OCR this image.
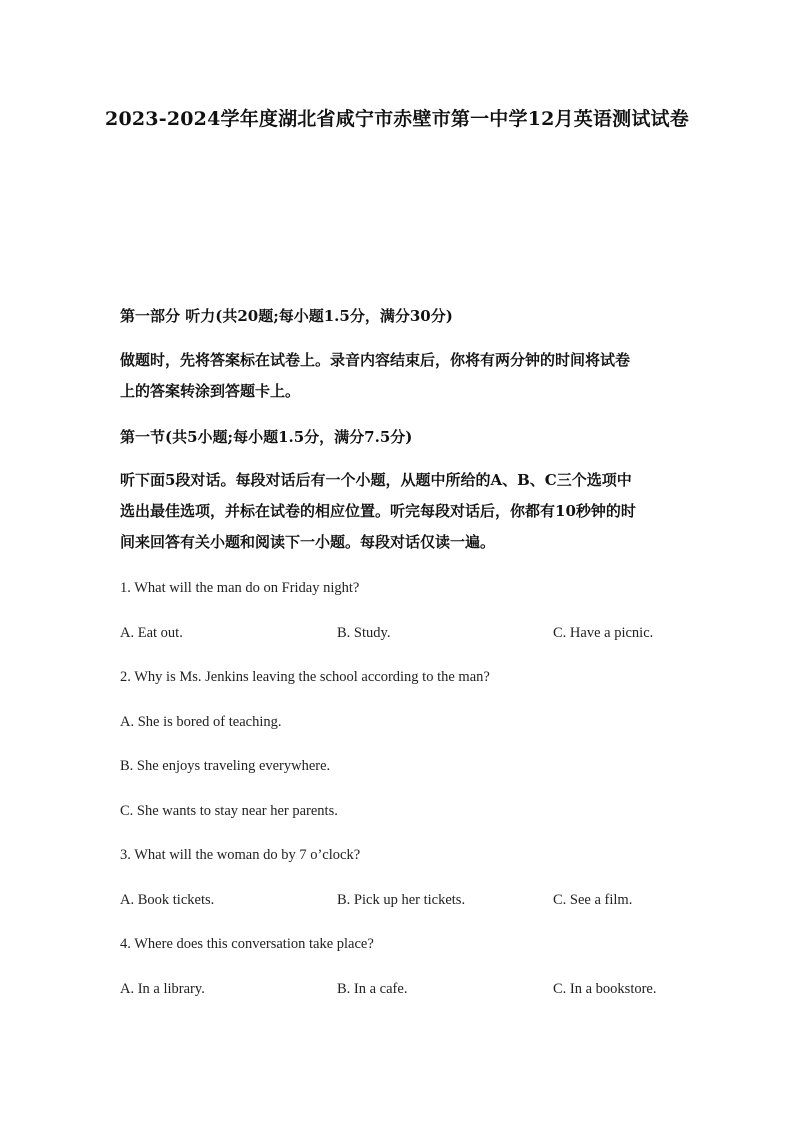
2023-2024学年度湖北省咸宁市赤壁市第一中学12月英语测试试卷
第一部分 听力(共20题;每小题1.5分，满分30分)
做题时，先将答案标在试卷上。录音内容结束后，你将有两分钟的时间将试卷
上的答案转涂到答题卡上。
第一节(共5小题;每小题1.5分，满分7.5分)
听下面5段对话。每段对话后有一个小题，从题中所给的A、B、C三个选项中
选出最佳选项，并标在试卷的相应位置。听完每段对话后，你都有10秒钟的时
间来回答有关小题和阅读下一小题。每段对话仅读一遍。
1. What will the man do on Friday night?
A. Eat out.	B. Study.	C. Have a picnic.
2. Why is Ms. Jenkins leaving the school according to the man?
A. She is bored of teaching.
B. She enjoys traveling everywhere.
C. She wants to stay near her parents.
3. What will the woman do by 7 o’clock?
A. Book tickets.	B. Pick up her tickets.	C. See a film.
4. Where does this conversation take place?
A. In a library.	B. In a cafe.	C. In a bookstore.
